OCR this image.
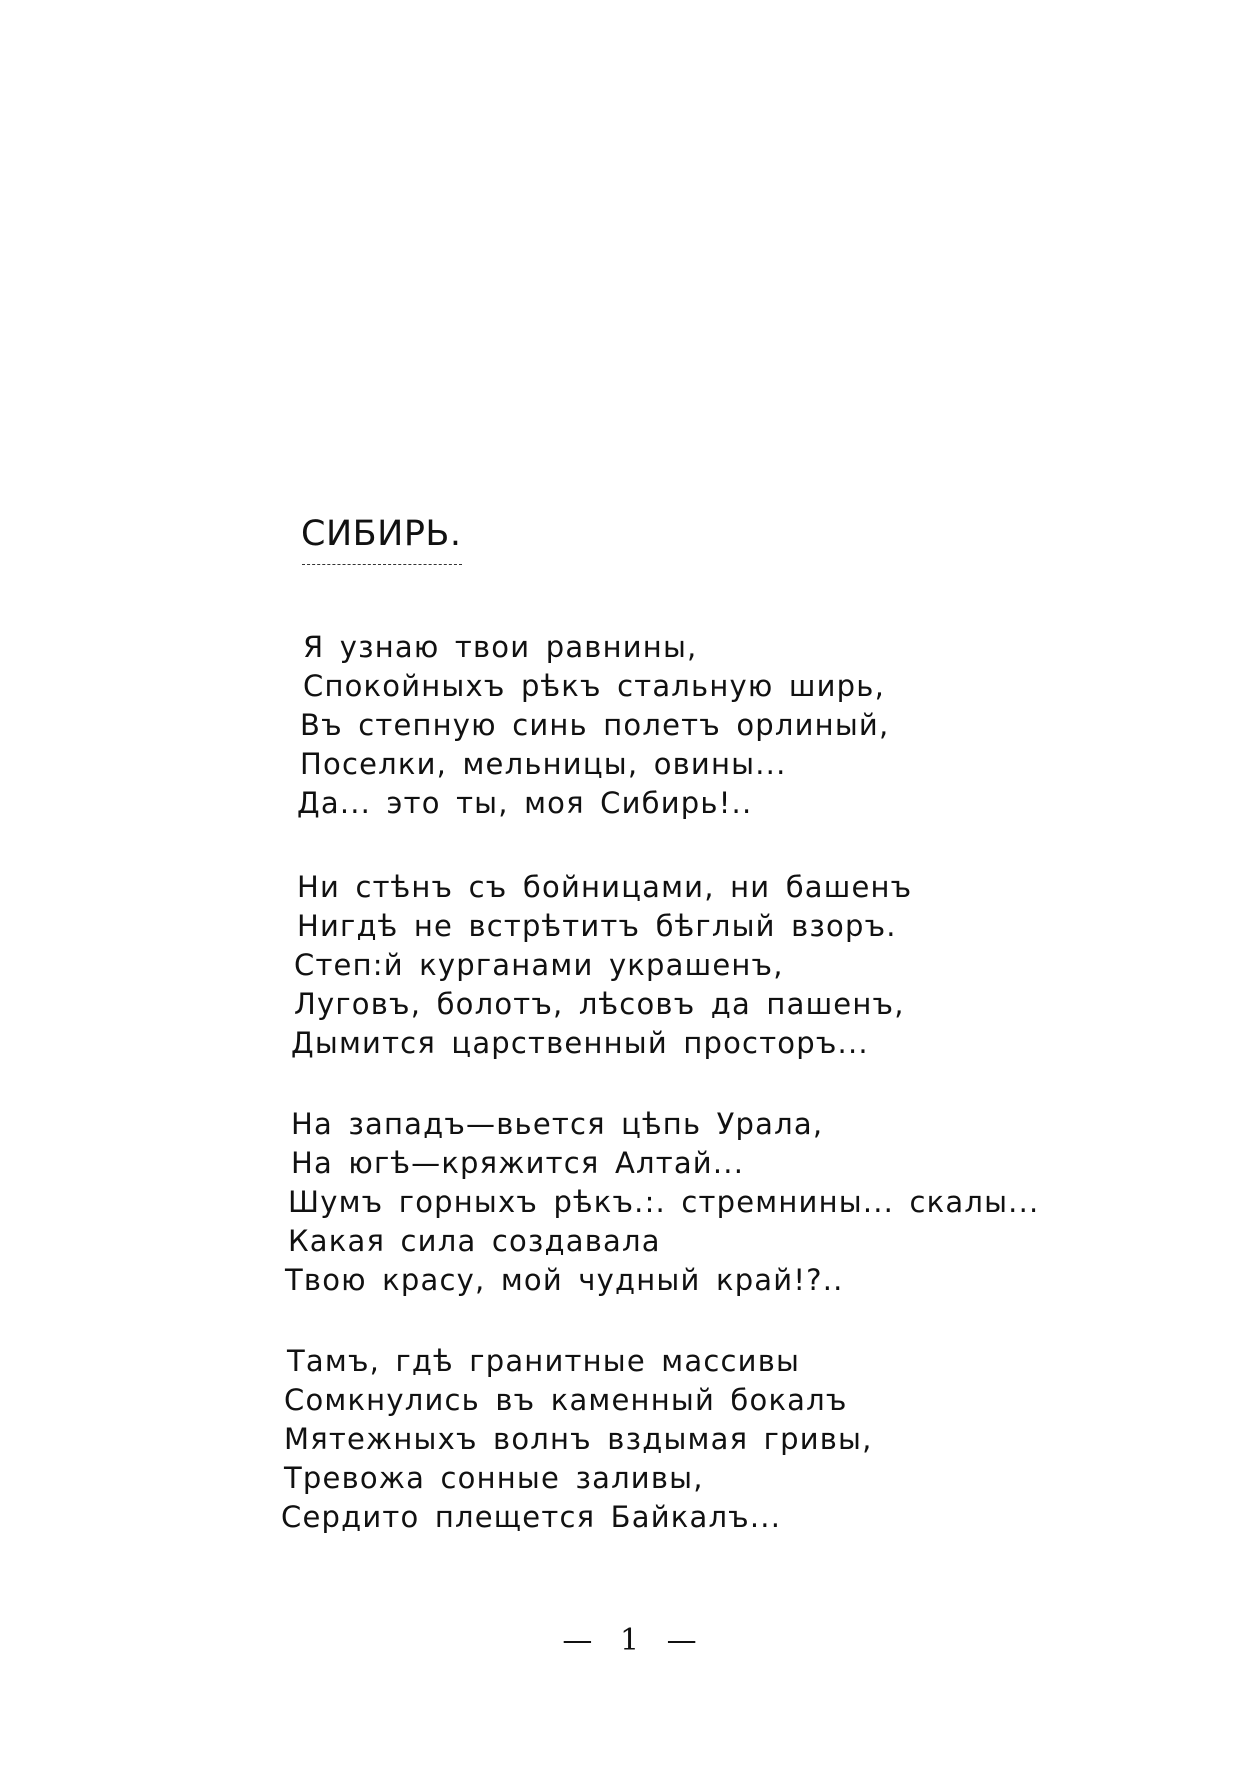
СИБИРЬ.
Я узнаю твои равнины,
Спокойныхъ рѣкъ стальную ширь,
Въ степную синь полетъ орлиный,
Поселки, мельницы, овины...
Да... это ты, моя Сибирь!..
Ни стѣнъ съ бойницами, ни башенъ
Нигдѣ не встрѣтитъ бѣглый взоръ.
Степ:й курганами украшенъ,
Луговъ, болотъ, лѣсовъ да пашенъ,
Дымится царственный просторъ...
На западъ—вьется цѣпь Урала,
На югѣ—кряжится Алтай...
Шумъ горныхъ рѣкъ.:. стремнины... скалы...
Какая сила создавала
Твою красу, мой чудный край!?..
Тамъ, гдѣ гранитные массивы
Сомкнулись въ каменный бокалъ
Мятежныхъ волнъ вздымая гривы,
Тревожа сонные заливы,
Сердито плещется Байкалъ...
— 1 —
